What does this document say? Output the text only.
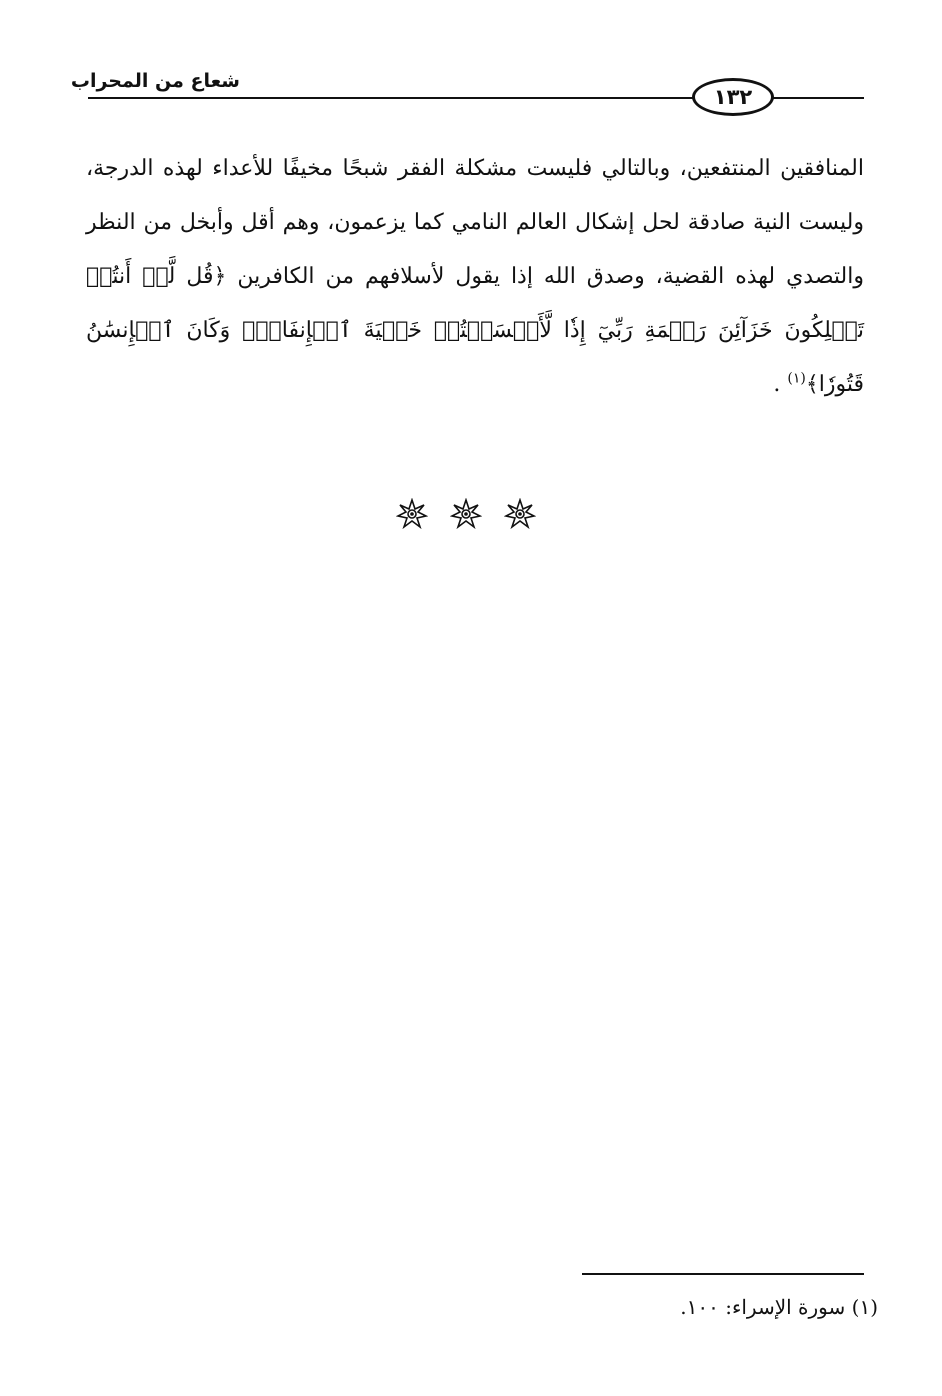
شعاع من المحراب
١٣٢

المنافقين المنتفعين، وبالتالي فليست مشكلة الفقر شبحًا مخيفًا للأعداء لهذه الدرجة، وليست النية صادقة لحل إشكال العالم النامي كما يزعمون، وهم أقل وأبخل من النظر والتصدي لهذه القضية، وصدق الله إذا يقول لأسلافهم من الكافرين ﴿قُل لَّوۡ أَنتُمۡ تَمۡلِكُونَ خَزَآئِنَ رَحۡمَةِ رَبِّيٓ إِذٗا لَّأَمۡسَكۡتُمۡ خَشۡيَةَ ٱلۡإِنفَاقِۚ وَكَانَ ٱلۡإِنسَٰنُ قَتُورٗا﴾$^{(١)}$ .

(١) سورة الإسراء: ١٠٠.
